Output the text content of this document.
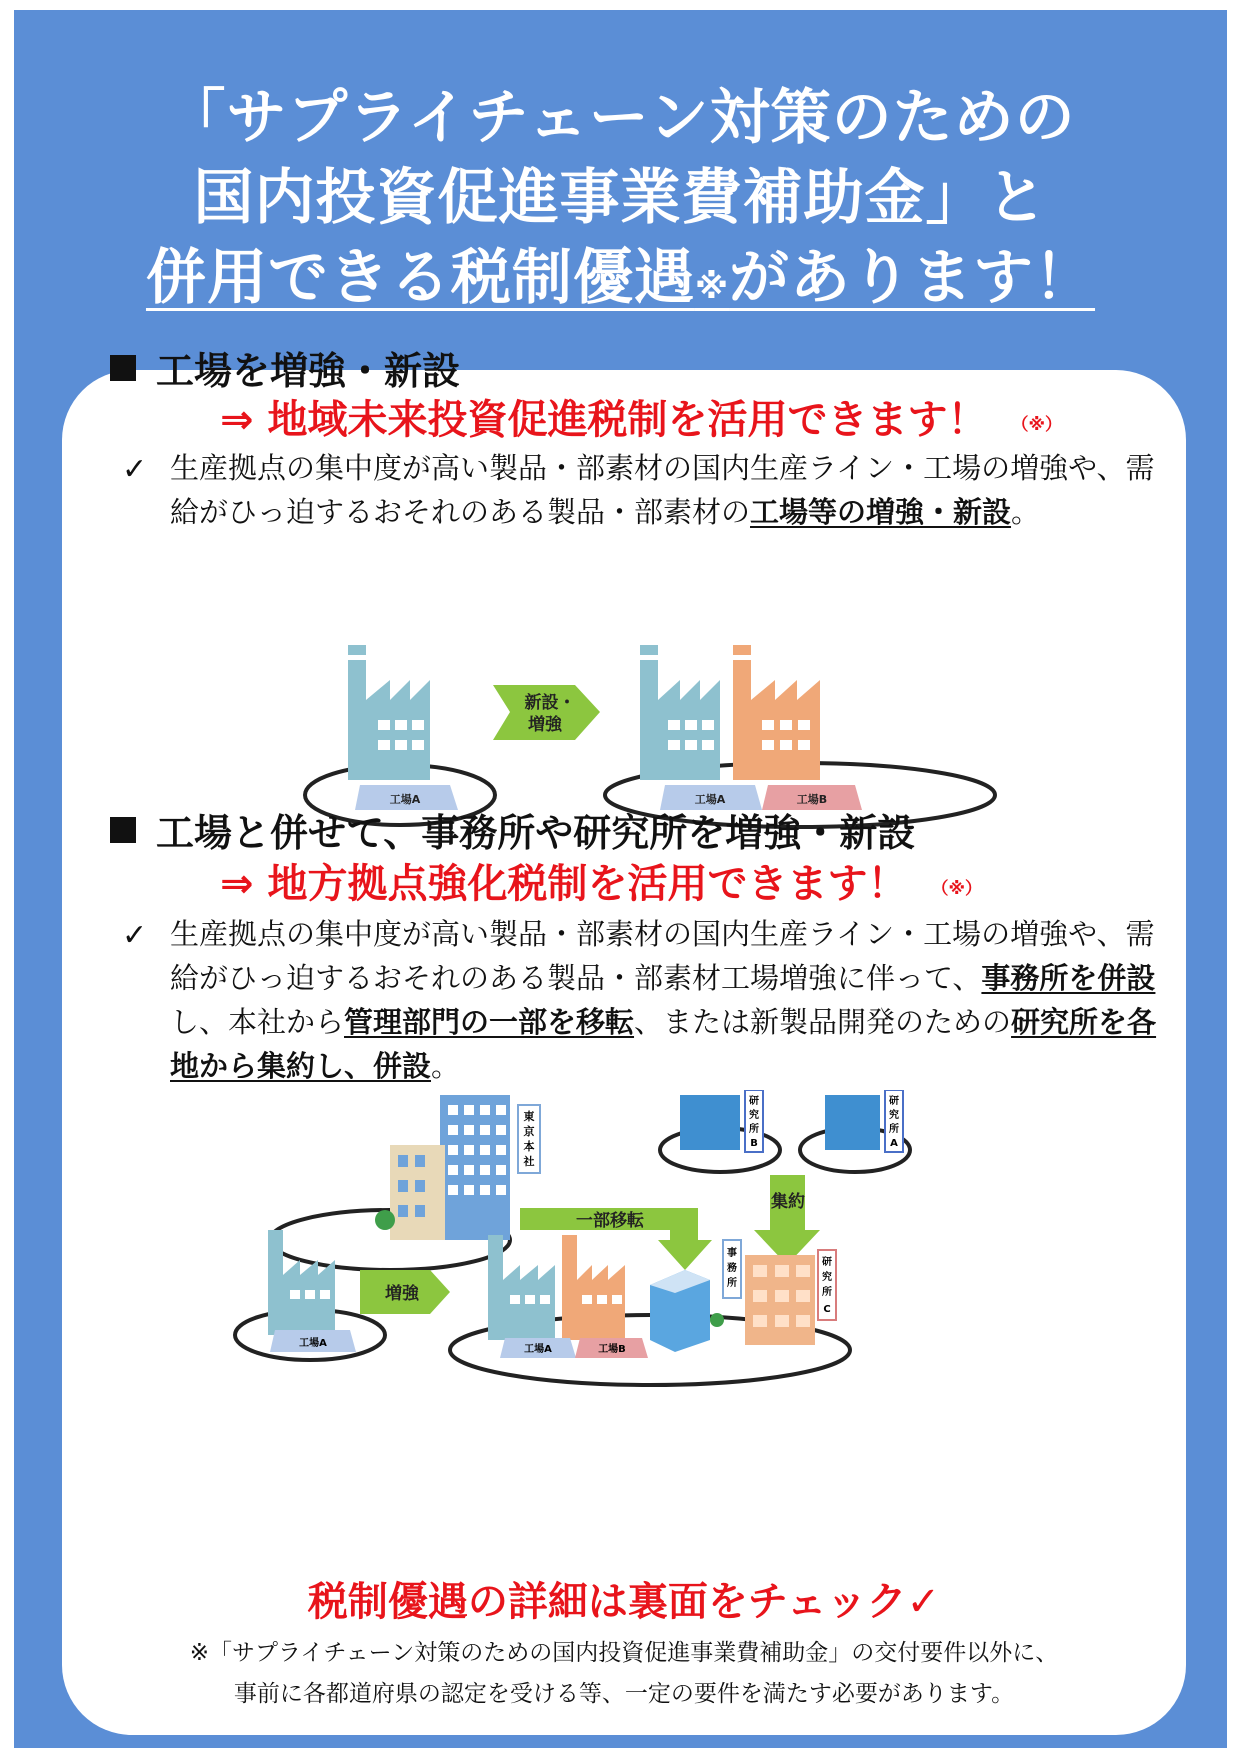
「サプライチェーン対策のための
国内投資促進事業費補助金」と
併用できる税制優遇※があります！
工場を増強・新設
⇒ 地域未来投資促進税制を活用できます！ （※）
✓ 生産拠点の集中度が高い製品・部素材の国内生産ライン・工場の増強や、需給がひっ迫するおそれのある製品・部素材の工場等の増強・新設。
工場A
新設・
増強
工場A	工場B
工場と併せて、事務所や研究所を増強・新設
⇒ 地方拠点強化税制を活用できます！ （※）
✓ 生産拠点の集中度が高い製品・部素材の国内生産ライン・工場の増強や、需給がひっ迫するおそれのある製品・部素材工場増強に伴って、事務所を併設し、本社から管理部門の一部を移転、または新製品開発のための研究所を各地から集約し、併設。
東
京
本
社
研
究
所
B
研
究
所
A
一部移転
集約
増強
工場A
工場A	工場B
事
務
所
研
究
所
C
税制優遇の詳細は裏面をチェック✓
※「サプライチェーン対策のための国内投資促進事業費補助金」の交付要件以外に、
事前に各都道府県の認定を受ける等、一定の要件を満たす必要があります。
